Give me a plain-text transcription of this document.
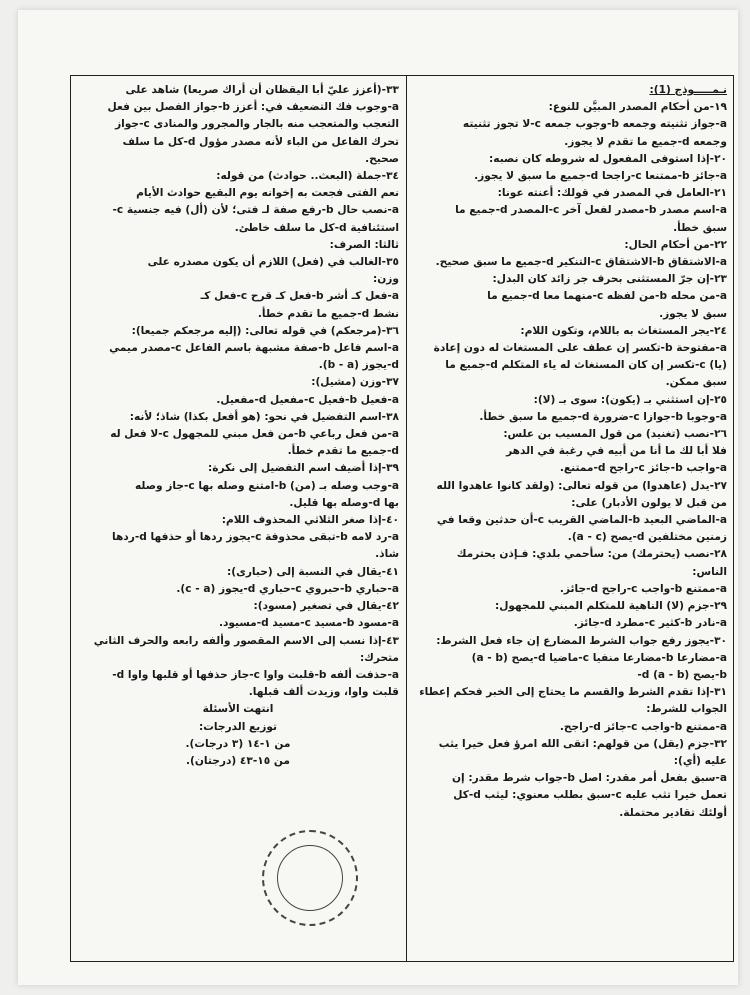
نـمـــــوذج (1):
١٩-من أحكام المصدر المبيَّن للنوع:
a-جواز تثنيته وجمعه b-وجوب جمعه c-لا تجوز تثنيته
وجمعه d-جميع ما تقدم لا يجوز.
٢٠-إذا استوفى المفعول له شروطه كان نصبه:
a-جائز b-ممتنعا c-راجحا d-جميع ما سبق لا يجوز.
٢١-العامل في المصدر في قولك: أعنته عونا:
a-اسم مصدر b-مصدر لفعل آخر c-المصدر d-جميع ما
سبق خطأ.
٢٢-من أحكام الحال:
a-الاشتقاق b-الاشتقاق c-التنكير d-جميع ما سبق صحيح.
٢٣-إن جرّ المستثنى بحرف جر زائد كان البدل:
a-من محله b-من لفظه c-منهما معا d-جميع ما
سبق لا يجوز.
٢٤-يجر المستغاث به باللام، وتكون اللام:
a-مفتوحة b-تكسر إن عطف على المستغاث له دون إعادة
(يا) c-تكسر إن كان المستغاث له ياء المتكلم d-جميع ما
سبق ممكن.
٢٥-إن استثني بـ (يكون): سوى بـ (لا):
a-وجوبا b-جوازا c-ضرورة d-جميع ما سبق خطأ.
٢٦-نصب (تغنيد) من قول المسيب بن علس:
فلا أبا لك ما أنا من أبيه في رغبة في الدهر
a-واجب b-جائز c-راجح d-ممتنع.
٢٧-يدل (عاهدوا) من قوله تعالى: (ولقد كانوا عاهدوا الله
من قبل لا يولون الأدبار) على:
a-الماضي البعيد b-الماضي القريب c-أن حدثين وقعا في
زمنين مختلفين d-يصح (a - c).
٢٨-نصب (يحترمك) من: سأحمي بلدي: فـإذن يحترمك
الناس:
a-ممتنع b-واجب c-راجح d-جائز.
٢٩-جزم (لا) الناهية للمتكلم المبني للمجهول:
a-نادر b-كثير c-مطرد d-جائز.
٣٠-يجوز رفع جواب الشرط المضارع إن جاء فعل الشرط:
a-مضارعا b-مضارعا منفيا c-ماضيا d-يصح (a - b)
b-يصح (a - b) d-
٣١-إذا تقدم الشرط والقسم ما يحتاج إلى الخبر فحكم إعطاء
الجواب للشرط:
a-ممتنع b-واجب c-جائز d-راجح.
٣٢-جزم (يقل) من قولهم: اتقى الله امرؤ فعل خيرا يثب
عليه (أي):
a-سبق بفعل أمر مقدر: اصل b-جواب شرط مقدر: إن
تعمل خيرا تثب عليه c-سبق بطلب معنوي: ليثب d-كل
أولئك تقادير محتملة.
٣٣-(أعزز عليّ أبا اليقظان أن أراك صريعا) شاهد على
a-وجوب فك التضعيف في: أعزز b-جواز الفصل بين فعل
التعجب والمتعجب منه بالجار والمجرور والمنادى c-جواز
تحرك الفاعل من الباء لأنه مصدر مؤول d-كل ما سلف
صحيح.
٣٤-جملة (البعث.. حوادث) من قوله:
نعم الفتى فجعت به إخوانه يوم البقيع حوادث الأيام
a-نصب حال b-رفع صفة لـ فتى؛ لأن (أل) فيه جنسية c-
استئنافية d-كل ما سلف خاطئ.
ثالثا: الصرف:
٣٥-الغالب في (فعل) اللازم أن يكون مصدره على
وزن:
a-فعل كـ أشر b-فعل كـ قرح c-فعل كـ
نشط d-جميع ما تقدم خطأ.
٣٦-(مرجعكم) في قوله تعالى: (إليه مرجعكم جميعا):
a-اسم فاعل b-صفة مشبهة باسم الفاعل c-مصدر ميمي
d-يجوز (b - a).
٣٧-وزن (مشيل):
a-فعيل b-فعيل c-مفعيل d-مفعيل.
٣٨-اسم التفضيل في نحو: (هو أفعل بكذا) شاذ؛ لأنه:
a-من فعل رباعي b-من فعل مبني للمجهول c-لا فعل له
d-جميع ما تقدم خطأ.
٣٩-إذا أضيف اسم التفضيل إلى نكرة:
a-وجب وصله بـ (من) b-امتنع وصله بها c-جاز وصله
بها d-وصله بها قليل.
٤٠-إذا صغر الثلاثي المحذوف اللام:
a-رد لامه b-تبقى محذوفة c-يجوز ردها أو حذفها d-ردها
شاذ.
٤١-يقال في النسبة إلى (حبارى):
a-حباري b-حبروي c-حباري d-يجوز (c - a).
٤٢-يقال في تصغير (مسود):
a-مسود b-مسيد c-مسيد d-مسيود.
٤٣-إذا نسب إلى الاسم المقصور وألفه رابعه والحرف الثاني
متحرك:
a-حذفت ألفه b-قلبت واوا c-جاز حذفها أو قلبها واوا d-
قلبت واوا، وزيدت ألف قبلها.
انتهت الأسئلة
توزيع الدرجات:
من ١-١٤ (٣ درجات).
من ١٥-٤٣ (درجتان).
